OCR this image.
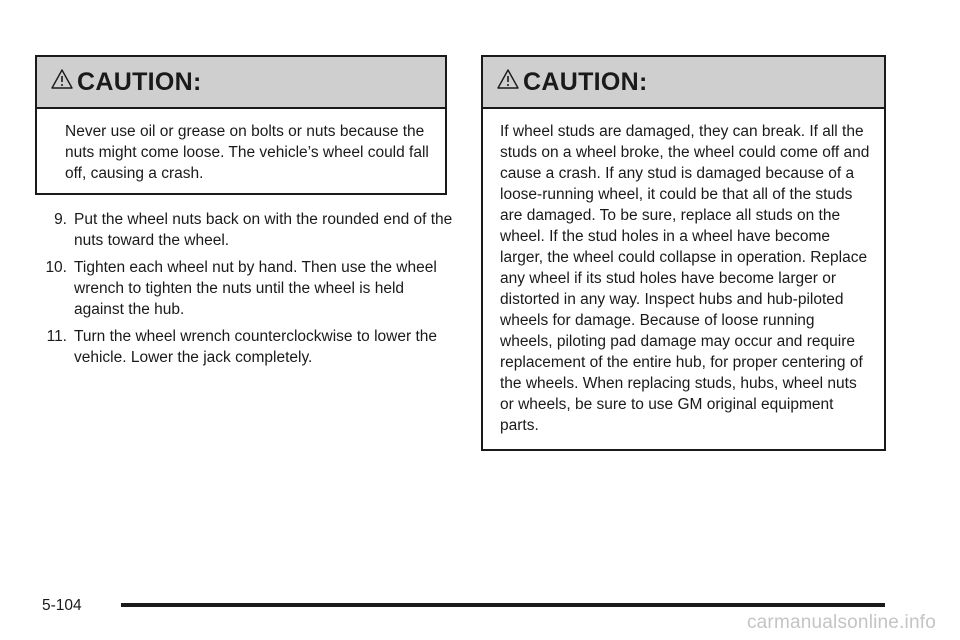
CAUTION:
Never use oil or grease on bolts or nuts because the nuts might come loose. The vehicle’s wheel could fall off, causing a crash.
9. Put the wheel nuts back on with the rounded end of the nuts toward the wheel.
10. Tighten each wheel nut by hand. Then use the wheel wrench to tighten the nuts until the wheel is held against the hub.
11. Turn the wheel wrench counterclockwise to lower the vehicle. Lower the jack completely.
CAUTION:
If wheel studs are damaged, they can break. If all the studs on a wheel broke, the wheel could come off and cause a crash. If any stud is damaged because of a loose-running wheel, it could be that all of the studs are damaged. To be sure, replace all studs on the wheel. If the stud holes in a wheel have become larger, the wheel could collapse in operation. Replace any wheel if its stud holes have become larger or distorted in any way. Inspect hubs and hub-piloted wheels for damage. Because of loose running wheels, piloting pad damage may occur and require replacement of the entire hub, for proper centering of the wheels. When replacing studs, hubs, wheel nuts or wheels, be sure to use GM original equipment parts.
5-104
carmanualsonline.info
